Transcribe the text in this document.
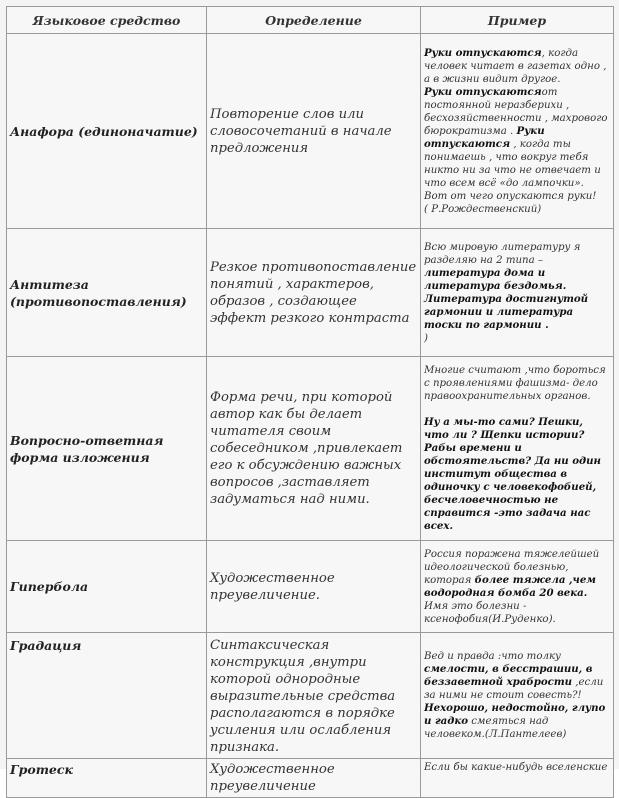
Языковое средство	Определение	Пример
Анафора (единоначатие)	Повторение слов или словосочетаний в начале предложения	Руки отпускаются, когда человек читает в газетах одно , а в жизни видит другое.

Руки отпускаютсяот постоянной неразберихи , бесхозяйственности , махрового бюрократизма . Руки отпускаются , когда ты понимаешь , что вокруг тебя никто ни за что не отвечает и что всем всё «до лампочки».

Вот от чего опускаются руки!

( Р.Рождественский)

Антитеза (противопоставления)	Резкое противопоставление понятий , характеров, образов , создающее эффект резкого контраста	Всю мировую литературу я разделяю на 2 типа – литература дома и литература бездомья. Литература достигнутой гармонии и литература тоски по гармонии .

)

Вопросно-ответная форма изложения	Форма речи, при которой автор как бы делает читателя своим собеседником ,привлекает его к обсуждению важных вопросов ,заставляет задуматься над ними.	Многие считают ,что бороться с проявлениями фашизма- дело правоохранительных органов.

Ну а мы-то сами? Пешки, что ли ? Щепки истории? Рабы времени и обстоятельств? Да ни один институт общества в одиночку с человекофобией, бесчеловечностью не справится -это задача нас всех.

Гипербола	Художественное преувеличение.	Россия поражена тяжелейшей идеологической болезнью, которая более тяжела ,чем водородная бомба 20 века. Имя это болезни - ксенофобия(И.Руденко).

Градация	Синтаксическая конструкция ,внутри которой однородные выразительные средства располагаются в порядке усиления или ослабления признака.	Вед и правда :что толку смелости, в бесстрашии, в беззаветной храбрости ,если за ними не стоит совесть?!

Нехорошо, недостойно, глупо и гадко смеяться над человеком.(Л.Пантелеев)

Гротеск	Художественное преувеличение	Если бы какие-нибудь вселенские
